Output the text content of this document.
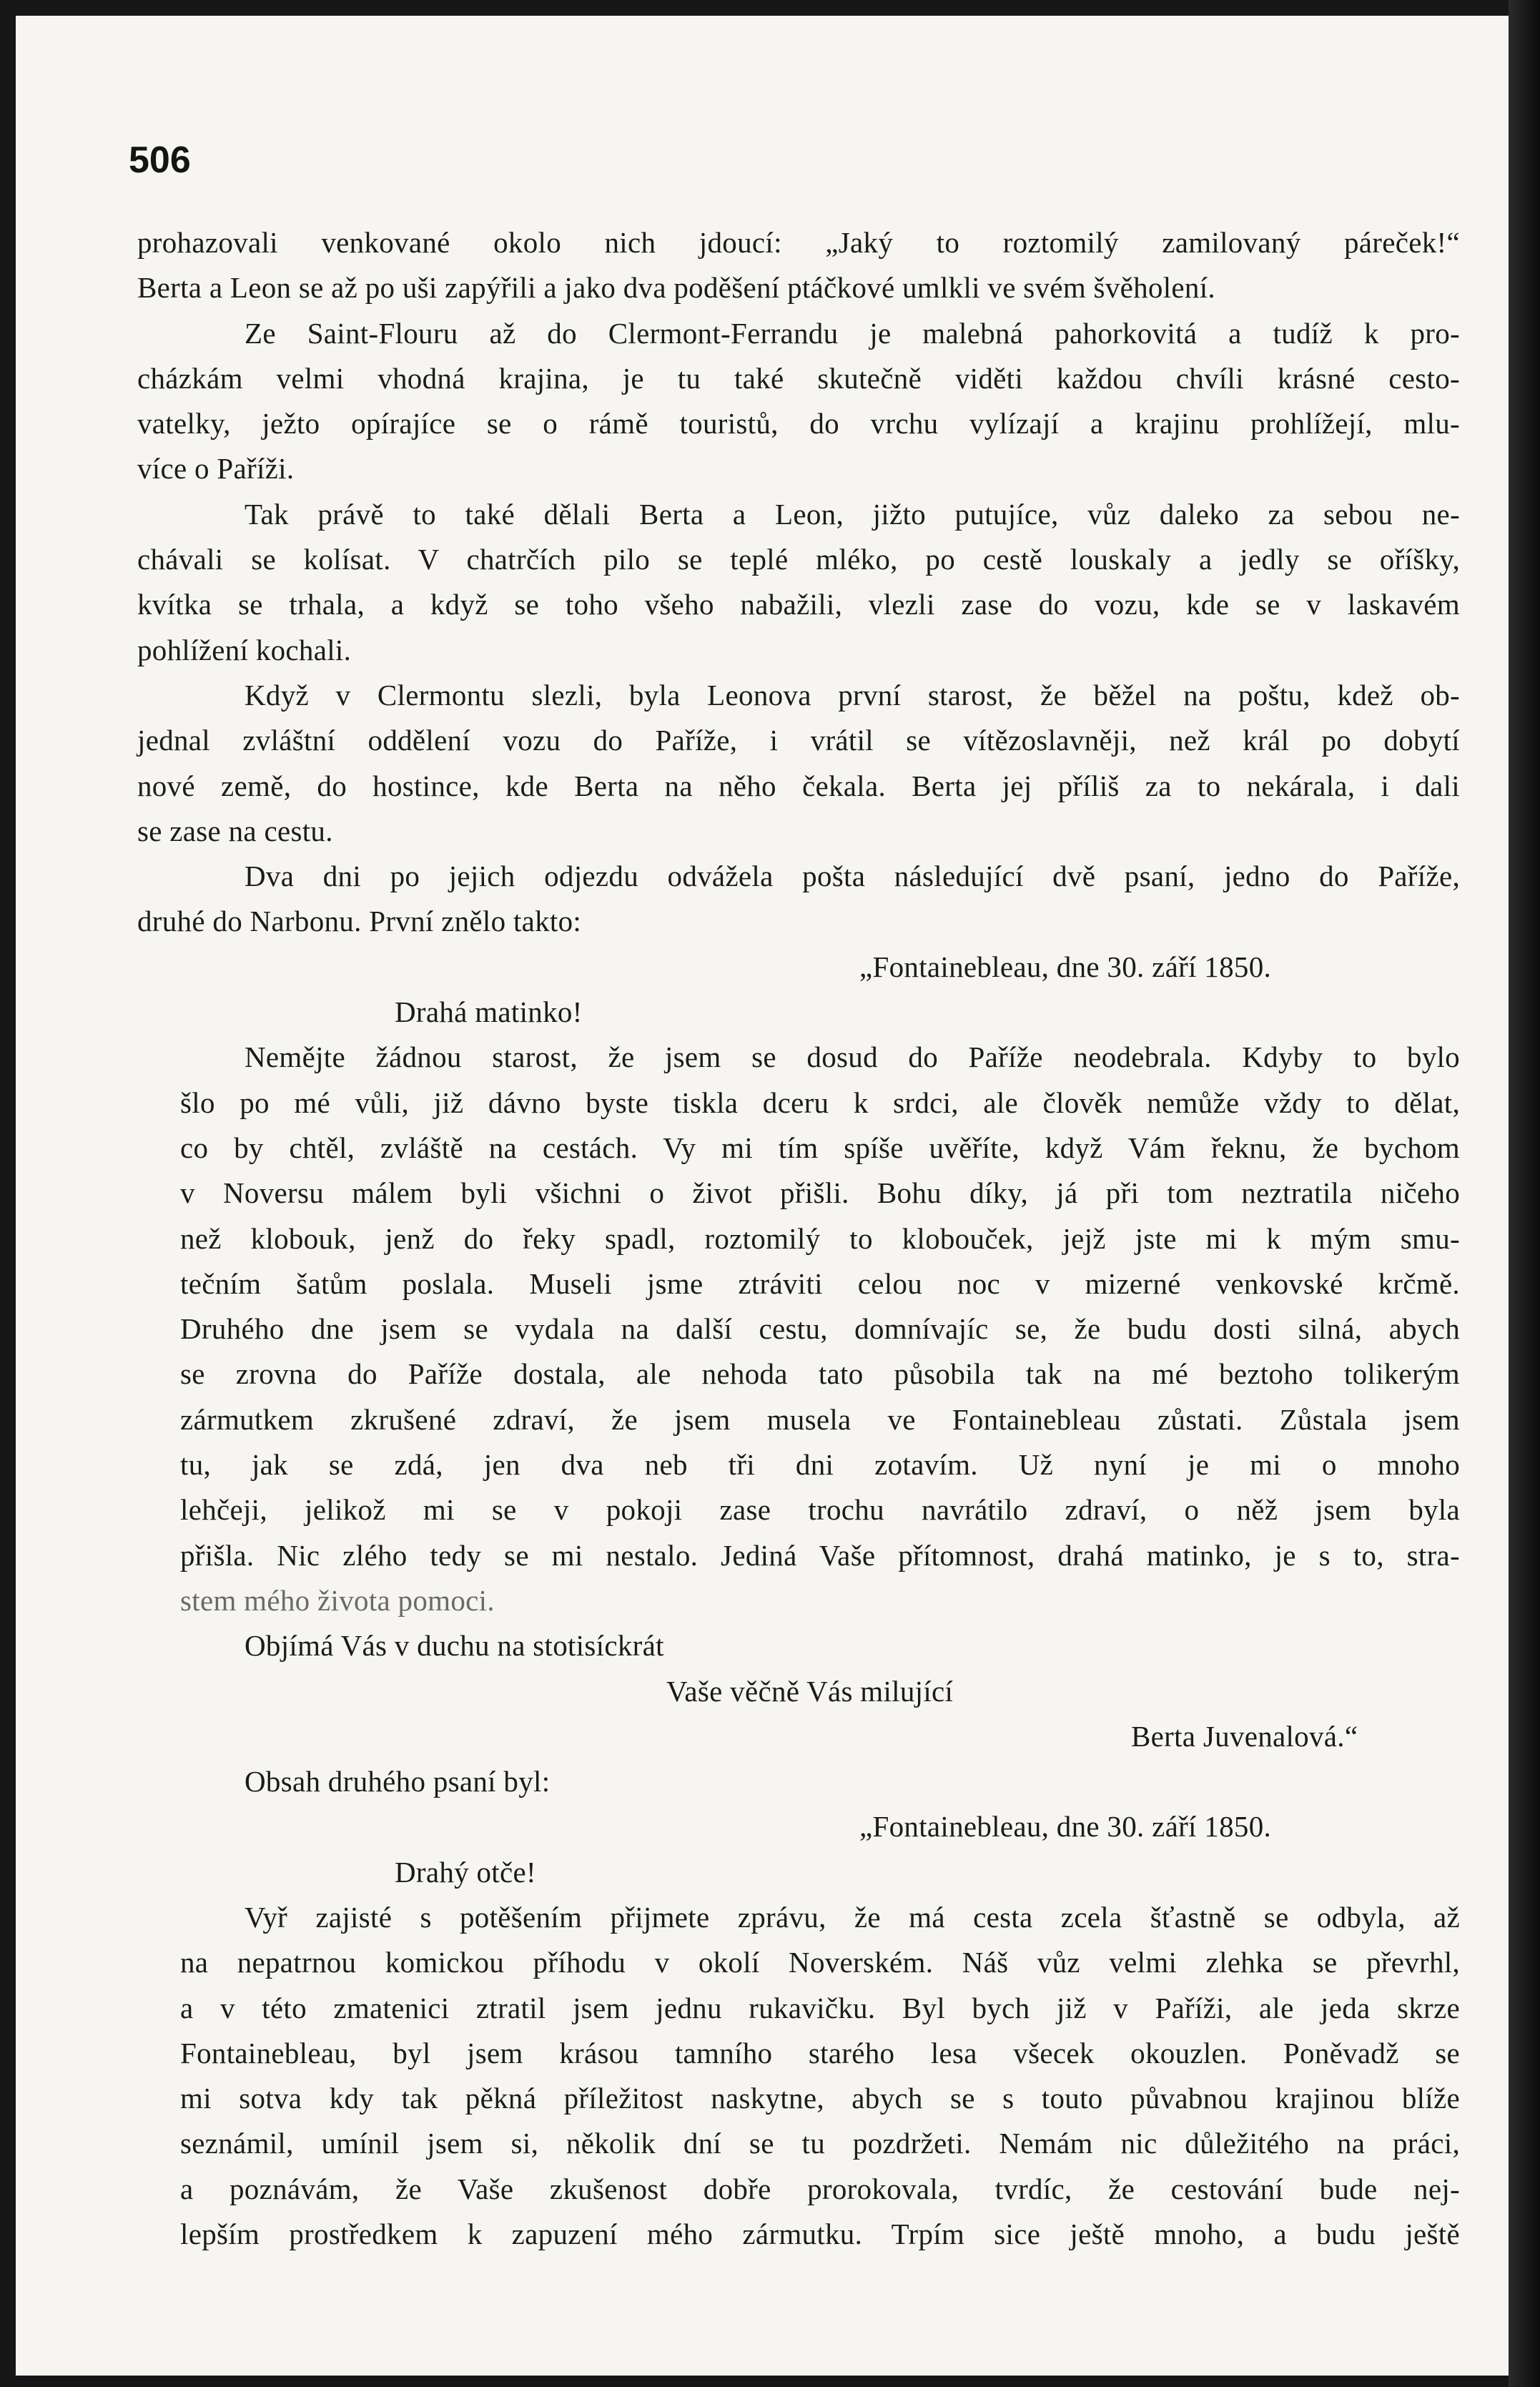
506

prohazovali venkované okolo nich jdoucí: „Jaký to roztomilý zamilovaný páreček!“

Berta a Leon se až po uši zapýřili a jako dva poděšení ptáčkové umlkli ve svém švěholení.

Ze Saint-Flouru až do Clermont-Ferrandu je malebná pahorkovitá a tudíž k pro-

cházkám velmi vhodná krajina, je tu také skutečně viděti každou chvíli krásné cesto-

vatelky, ježto opírajíce se o rámě touristů, do vrchu vylízají a krajinu prohlížejí, mlu-

více o Paříži.

Tak právě to také dělali Berta a Leon, jižto putujíce, vůz daleko za sebou ne-

chávali se kolísat. V chatrčích pilo se teplé mléko, po cestě louskaly a jedly se oříšky,

kvítka se trhala, a když se toho všeho nabažili, vlezli zase do vozu, kde se v laskavém

pohlížení kochali.

Když v Clermontu slezli, byla Leonova první starost, že běžel na poštu, kdež ob-

jednal zvláštní oddělení vozu do Paříže, i vrátil se vítězoslavněji, než král po dobytí

nové země, do hostince, kde Berta na něho čekala. Berta jej příliš za to nekárala, i dali

se zase na cestu.

Dva dni po jejich odjezdu odvážela pošta následující dvě psaní, jedno do Paříže,

druhé do Narbonu. První znělo takto:

„Fontainebleau, dne 30. září 1850.

Drahá matinko!

Nemějte žádnou starost, že jsem se dosud do Paříže neodebrala. Kdyby to bylo

šlo po mé vůli, již dávno byste tiskla dceru k srdci, ale člověk nemůže vždy to dělat,

co by chtěl, zvláště na cestách. Vy mi tím spíše uvěříte, když Vám řeknu, že bychom

v Noversu málem byli všichni o život přišli. Bohu díky, já při tom neztratila ničeho

než klobouk, jenž do řeky spadl, roztomilý to klobouček, jejž jste mi k mým smu-

tečním šatům poslala. Museli jsme ztráviti celou noc v mizerné venkovské krčmě.

Druhého dne jsem se vydala na další cestu, domnívajíc se, že budu dosti silná, abych

se zrovna do Paříže dostala, ale nehoda tato působila tak na mé beztoho tolikerým

zármutkem zkrušené zdraví, že jsem musela ve Fontainebleau zůstati. Zůstala jsem

tu, jak se zdá, jen dva neb tři dni zotavím. Už nyní je mi o mnoho

lehčeji, jelikož mi se v pokoji zase trochu navrátilo zdraví, o něž jsem byla

přišla. Nic zlého tedy se mi nestalo. Jediná Vaše přítomnost, drahá matinko, je s to, stra-

stem mého života pomoci.

Objímá Vás v duchu na stotisíckrát

Vaše věčně Vás milující

Berta Juvenalová.“

Obsah druhého psaní byl:

„Fontainebleau, dne 30. září 1850.

Drahý otče!

Vyř zajisté s potěšením přijmete zprávu, že má cesta zcela šťastně se odbyla, až

na nepatrnou komickou příhodu v okolí Noverském. Náš vůz velmi zlehka se převrhl,

a v této zmatenici ztratil jsem jednu rukavičku. Byl bych již v Paříži, ale jeda skrze

Fontainebleau, byl jsem krásou tamního starého lesa všecek okouzlen. Poněvadž se

mi sotva kdy tak pěkná příležitost naskytne, abych se s touto půvabnou krajinou blíže

seznámil, umínil jsem si, několik dní se tu pozdržeti. Nemám nic důležitého na práci,

a poznávám, že Vaše zkušenost dobře prorokovala, tvrdíc, že cestování bude nej-

lepším prostředkem k zapuzení mého zármutku. Trpím sice ještě mnoho, a budu ještě
